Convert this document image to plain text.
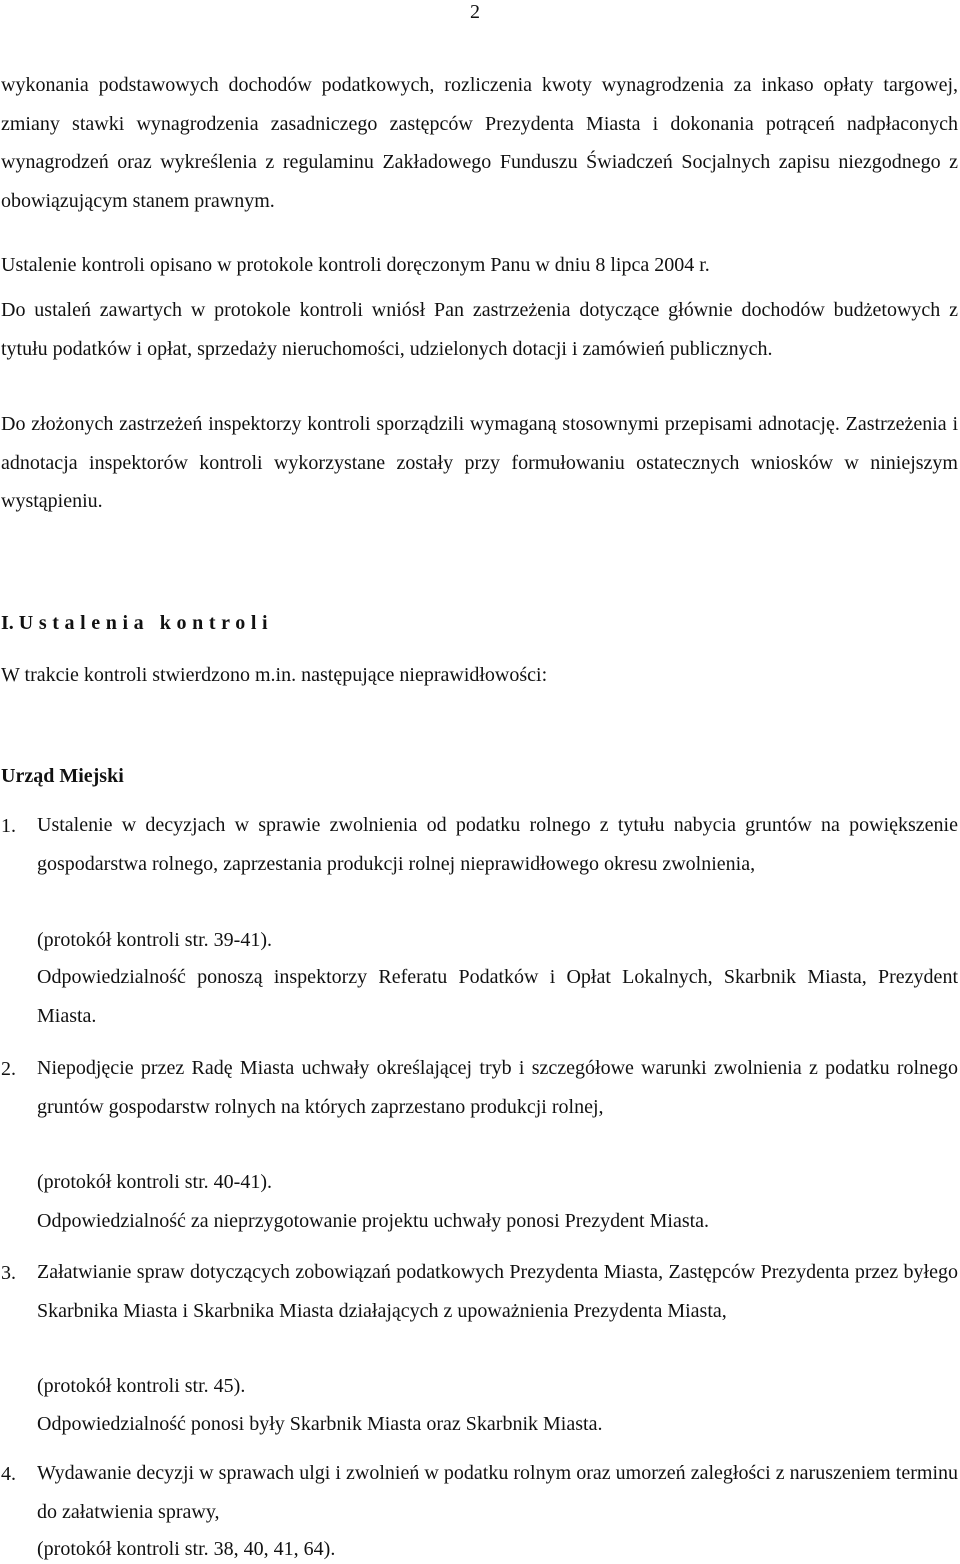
2
wykonania podstawowych dochodów podatkowych, rozliczenia kwoty wynagrodzenia za inkaso opłaty targowej, zmiany stawki wynagrodzenia zasadniczego zastępców Prezydenta Miasta i dokonania potrąceń nadpłaconych wynagrodzeń oraz wykreślenia z regulaminu Zakładowego Funduszu Świadczeń Socjalnych zapisu niezgodnego z obowiązującym stanem prawnym.
Ustalenie kontroli opisano w protokole kontroli doręczonym Panu w dniu 8 lipca 2004 r.
Do ustaleń zawartych w protokole kontroli wniósł Pan zastrzeżenia dotyczące głównie dochodów budżetowych z tytułu podatków i opłat, sprzedaży nieruchomości, udzielonych dotacji i zamówień publicznych.
Do złożonych zastrzeżeń inspektorzy kontroli sporządzili wymaganą stosownymi przepisami adnotację. Zastrzeżenia i adnotacja inspektorów kontroli wykorzystane zostały przy formułowaniu ostatecznych wniosków w niniejszym wystąpieniu.
I. Ustalenia kontroli
W trakcie kontroli stwierdzono m.in. następujące nieprawidłowości:
Urząd Miejski
1. Ustalenie w decyzjach w sprawie zwolnienia od podatku rolnego z tytułu nabycia gruntów na powiększenie gospodarstwa rolnego, zaprzestania produkcji rolnej nieprawidłowego okresu zwolnienia,
(protokół kontroli str. 39-41).
Odpowiedzialność ponoszą inspektorzy Referatu Podatków i Opłat Lokalnych, Skarbnik Miasta, Prezydent Miasta.
2. Niepodjęcie przez Radę Miasta uchwały określającej tryb i szczegółowe warunki zwolnienia z podatku rolnego gruntów gospodarstw rolnych na których zaprzestano produkcji rolnej,
(protokół kontroli str. 40-41).
Odpowiedzialność za nieprzygotowanie projektu uchwały ponosi Prezydent Miasta.
3. Załatwianie spraw dotyczących zobowiązań podatkowych Prezydenta Miasta, Zastępców Prezydenta przez byłego Skarbnika Miasta i Skarbnika Miasta działających z upoważnienia Prezydenta Miasta,
(protokół kontroli str. 45).
Odpowiedzialność ponosi były Skarbnik Miasta oraz Skarbnik Miasta.
4. Wydawanie decyzji w sprawach ulgi i zwolnień w podatku rolnym oraz umorzeń zaległości z naruszeniem terminu do załatwienia sprawy,
(protokół kontroli str. 38, 40, 41, 64).
